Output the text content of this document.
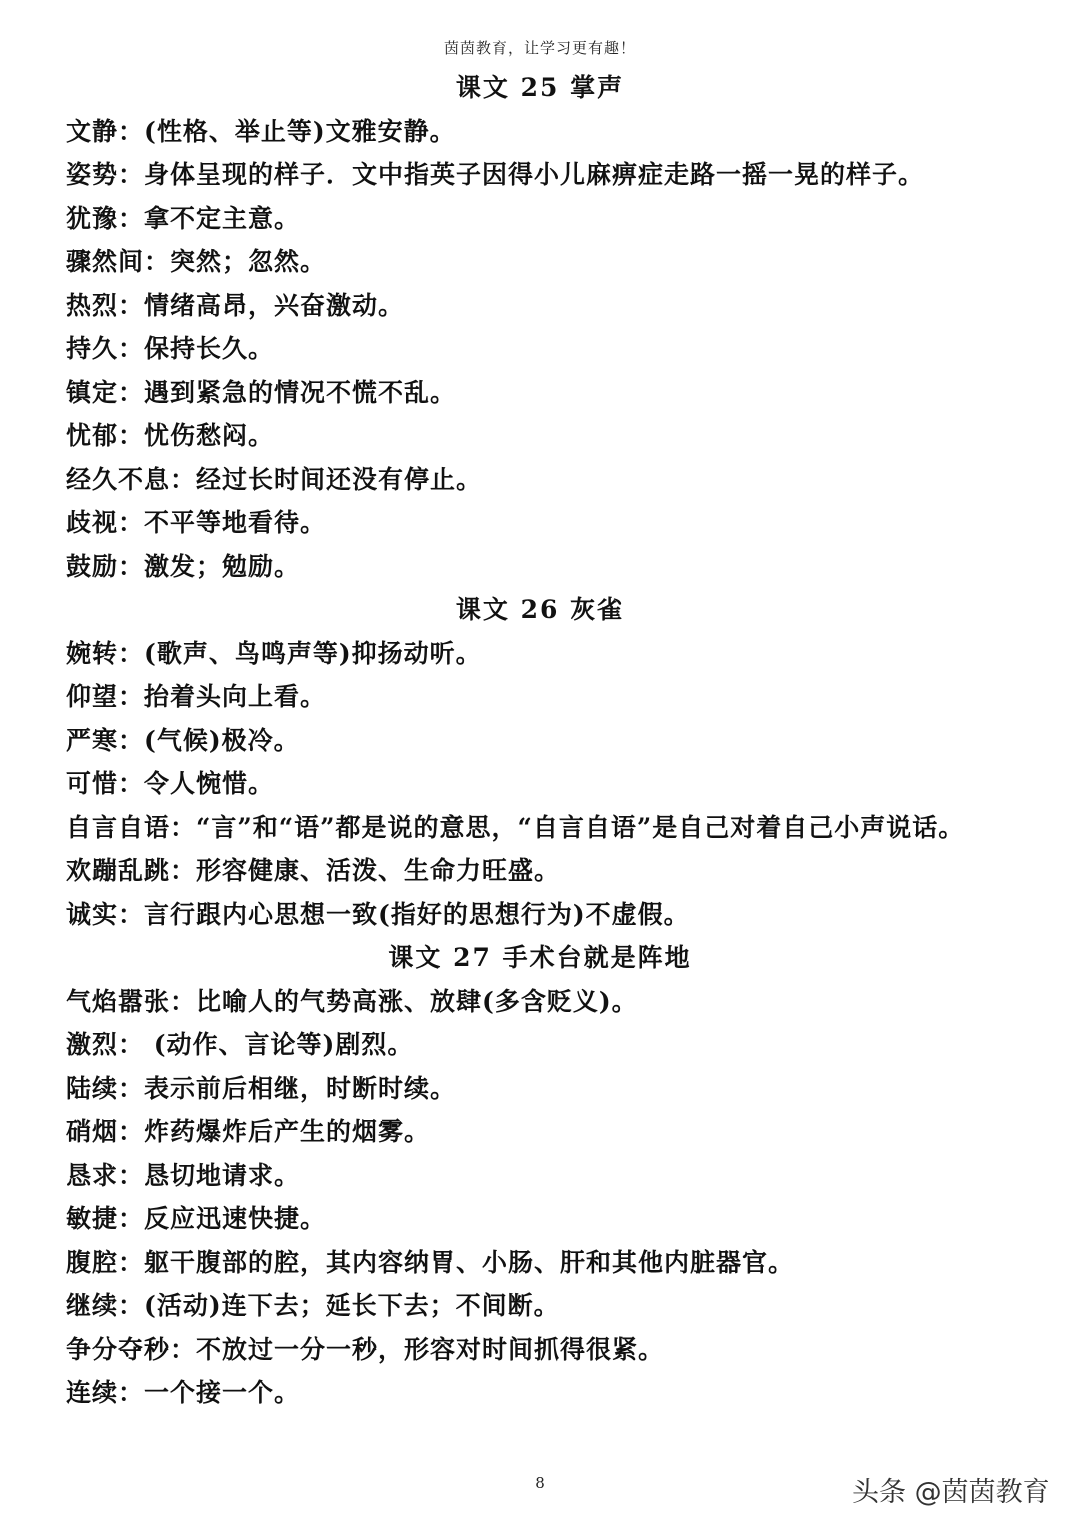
茵茵教育，让学习更有趣！
课文 25 掌声
文静：(性格、举止等)文雅安静。
姿势：身体呈现的样子．文中指英子因得小儿麻痹症走路一摇一晃的样子。
犹豫：拿不定主意。
骤然间：突然；忽然。
热烈：情绪高昂，兴奋激动。
持久：保持长久。
镇定：遇到紧急的情况不慌不乱。
忧郁：忧伤愁闷。
经久不息：经过长时间还没有停止。
歧视：不平等地看待。
鼓励：激发；勉励。
课文 26 灰雀
婉转：(歌声、鸟鸣声等)抑扬动听。
仰望：抬着头向上看。
严寒：(气候)极冷。
可惜：令人惋惜。
自言自语：“言”和“语”都是说的意思，“自言自语”是自己对着自己小声说话。
欢蹦乱跳：形容健康、活泼、生命力旺盛。
诚实：言行跟内心思想一致(指好的思想行为)不虚假。
课文 27 手术台就是阵地
气焰嚣张：比喻人的气势高涨、放肆(多含贬义)。
激烈： (动作、言论等)剧烈。
陆续：表示前后相继，时断时续。
硝烟：炸药爆炸后产生的烟雾。
恳求：恳切地请求。
敏捷：反应迅速快捷。
腹腔：躯干腹部的腔，其内容纳胃、小肠、肝和其他内脏器官。
继续：(活动)连下去；延长下去；不间断。
争分夺秒：不放过一分一秒，形容对时间抓得很紧。
连续：一个接一个。
8	头条 @茵茵教育
